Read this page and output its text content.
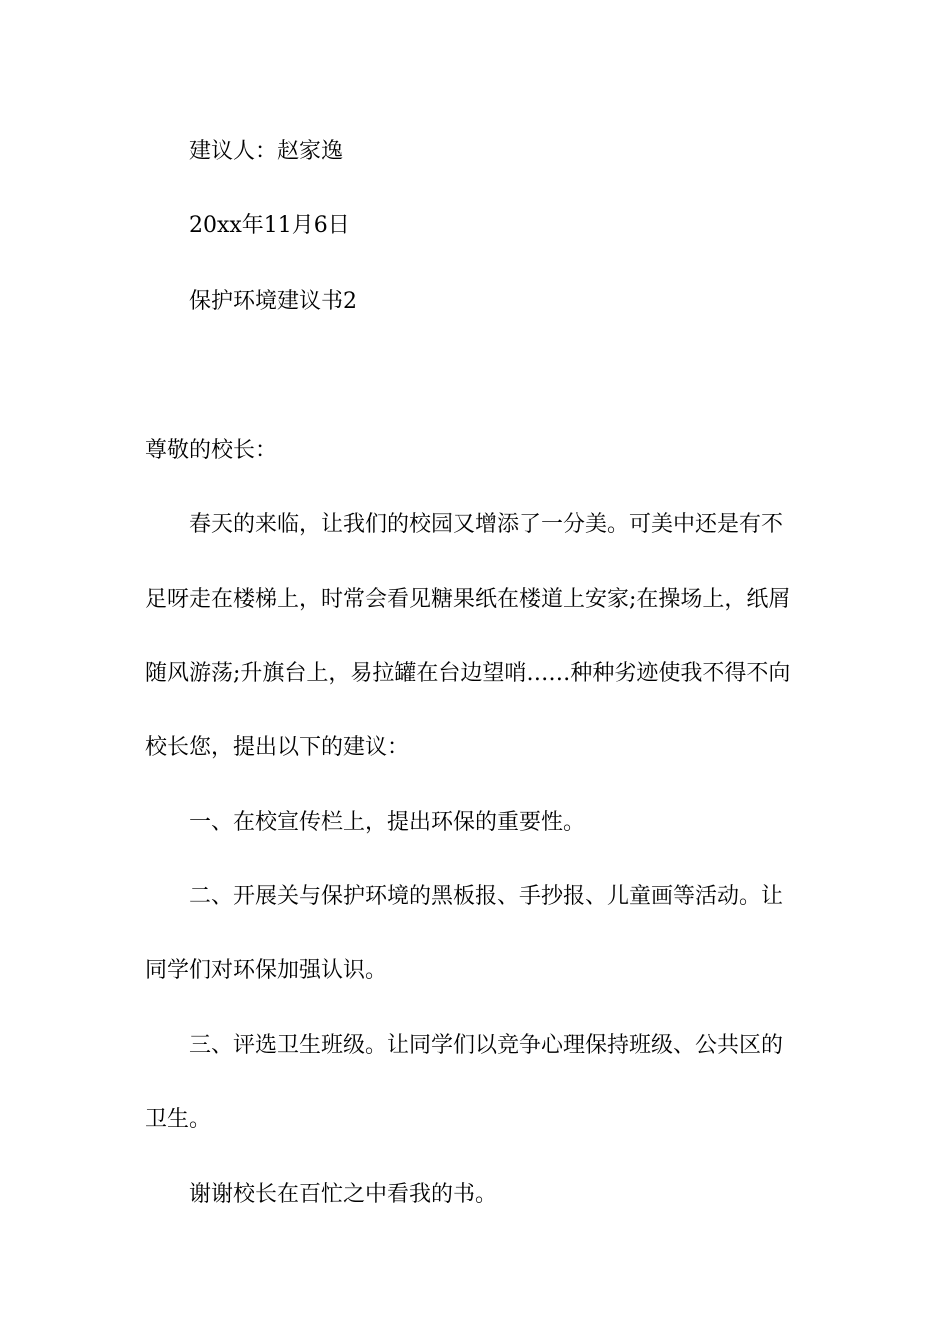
建议人：赵家逸
20xx年11月6日
保护环境建议书2
尊敬的校长：
春天的来临，让我们的校园又增添了一分美。可美中还是有不
足呀走在楼梯上，时常会看见糖果纸在楼道上安家;在操场上，纸屑
随风游荡;升旗台上，易拉罐在台边望哨……种种劣迹使我不得不向
校长您，提出以下的建议：
一、在校宣传栏上，提出环保的重要性。
二、开展关与保护环境的黑板报、手抄报、儿童画等活动。让
同学们对环保加强认识。
三、评选卫生班级。让同学们以竞争心理保持班级、公共区的
卫生。
谢谢校长在百忙之中看我的书。
